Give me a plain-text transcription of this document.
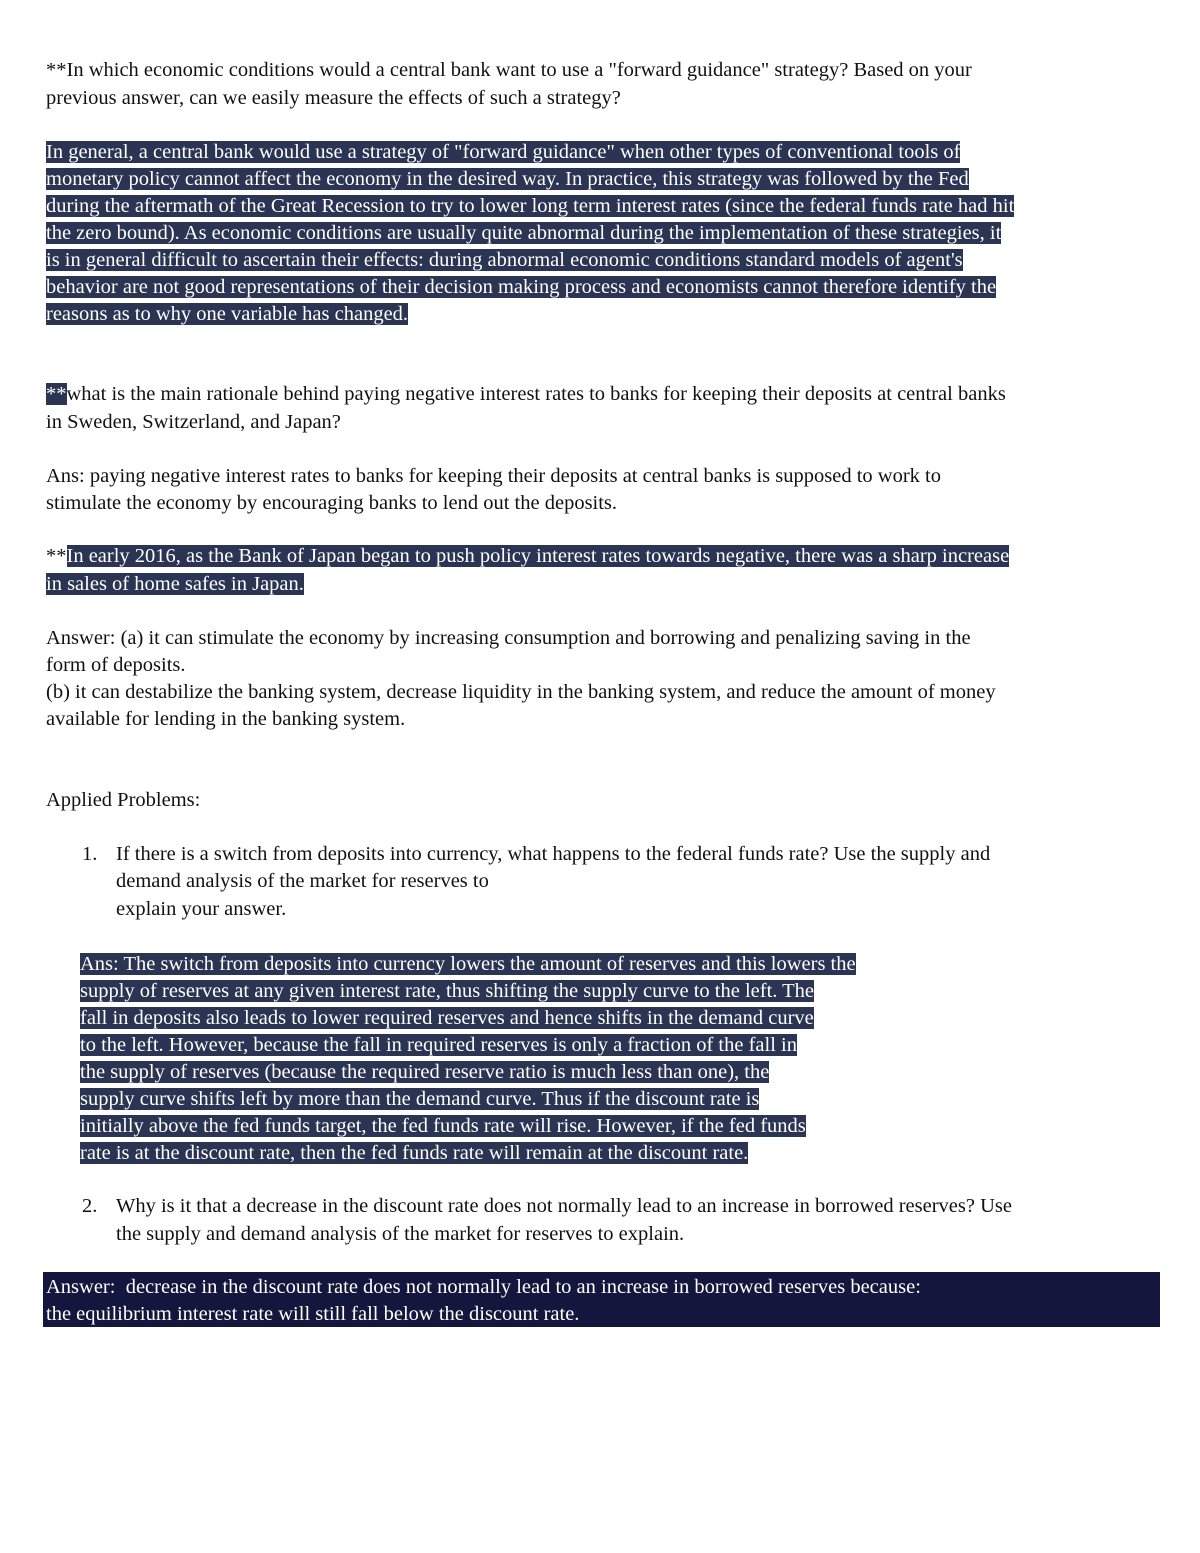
**In which economic conditions would a central bank want to use a "forward guidance" strategy? Based on your
previous answer, can we easily measure the effects of such a strategy?
In general, a central bank would use a strategy of "forward guidance" when other types of conventional tools of
monetary policy cannot affect the economy in the desired way. In practice, this strategy was followed by the Fed
during the aftermath of the Great Recession to try to lower long term interest rates (since the federal funds rate had hit
the zero bound). As economic conditions are usually quite abnormal during the implementation of these strategies, it
is in general difficult to ascertain their effects: during abnormal economic conditions standard models of agent's
behavior are not good representations of their decision making process and economists cannot therefore identify the
reasons as to why one variable has changed.
**what is the main rationale behind paying negative interest rates to banks for keeping their deposits at central banks
in Sweden, Switzerland, and Japan?
Ans: paying negative interest rates to banks for keeping their deposits at central banks is supposed to work to
stimulate the economy by encouraging banks to lend out the deposits.
**In early 2016, as the Bank of Japan began to push policy interest rates towards negative, there was a sharp increase
in sales of home safes in Japan.
Answer: (a) it can stimulate the economy by increasing consumption and borrowing and penalizing saving in the
form of deposits.
(b) it can destabilize the banking system, decrease liquidity in the banking system, and reduce the amount of money
available for lending in the banking system.
Applied Problems:
1. If there is a switch from deposits into currency, what happens to the federal funds rate? Use the supply and
demand analysis of the market for reserves to
explain your answer.
Ans: The switch from deposits into currency lowers the amount of reserves and this lowers the
supply of reserves at any given interest rate, thus shifting the supply curve to the left. The
fall in deposits also leads to lower required reserves and hence shifts in the demand curve
to the left. However, because the fall in required reserves is only a fraction of the fall in
the supply of reserves (because the required reserve ratio is much less than one), the
supply curve shifts left by more than the demand curve. Thus if the discount rate is
initially above the fed funds target, the fed funds rate will rise. However, if the fed funds
rate is at the discount rate, then the fed funds rate will remain at the discount rate.
2. Why is it that a decrease in the discount rate does not normally lead to an increase in borrowed reserves? Use
the supply and demand analysis of the market for reserves to explain.
Answer:  decrease in the discount rate does not normally lead to an increase in borrowed reserves because:
the equilibrium interest rate will still fall below the discount rate.
